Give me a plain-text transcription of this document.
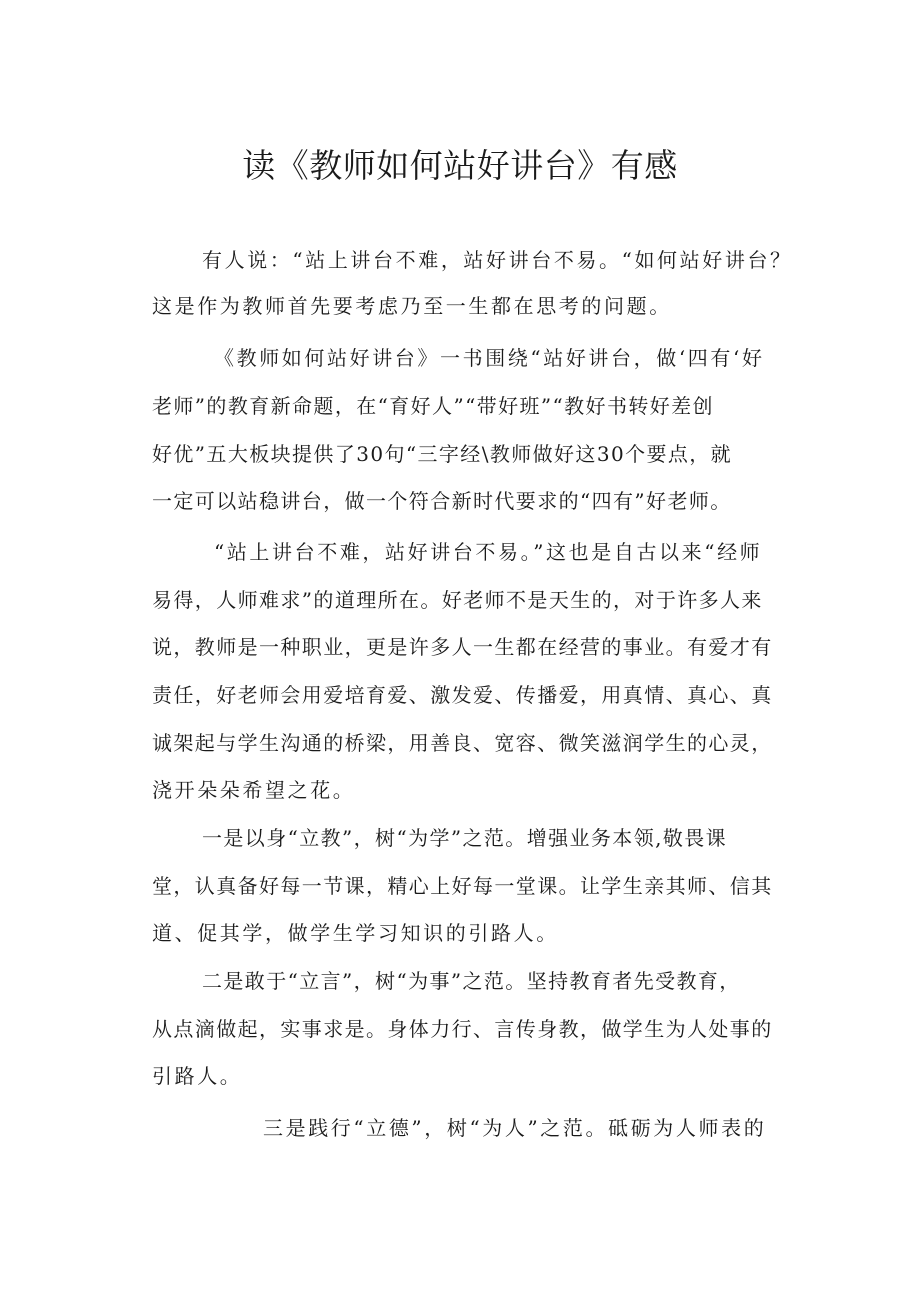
读《教师如何站好讲台》有感
有人说：“站上讲台不难，站好讲台不易。“如何站好讲台？
这是作为教师首先要考虑乃至一生都在思考的问题。
《教师如何站好讲台》一书围绕“站好讲台，做‘四有‘好
老师”的教育新命题，在“育好人”“带好班”“教好书转好差创
好优”五大板块提供了30句“三字经\教师做好这30个要点，就
一定可以站稳讲台，做一个符合新时代要求的“四有”好老师。
“站上讲台不难，站好讲台不易。”这也是自古以来“经师
易得，人师难求”的道理所在。好老师不是天生的，对于许多人来
说，教师是一种职业，更是许多人一生都在经营的事业。有爱才有
责任，好老师会用爱培育爱、激发爱、传播爱，用真情、真心、真
诚架起与学生沟通的桥梁，用善良、宽容、微笑滋润学生的心灵，
浇开朵朵希望之花。
一是以身“立教”，树“为学”之范。增强业务本领,敬畏课
堂，认真备好每一节课，精心上好每一堂课。让学生亲其师、信其
道、促其学，做学生学习知识的引路人。
二是敢于“立言”，树“为事”之范。坚持教育者先受教育，
从点滴做起，实事求是。身体力行、言传身教，做学生为人处事的
引路人。
三是践行“立德”，树“为人”之范。砥砺为人师表的
